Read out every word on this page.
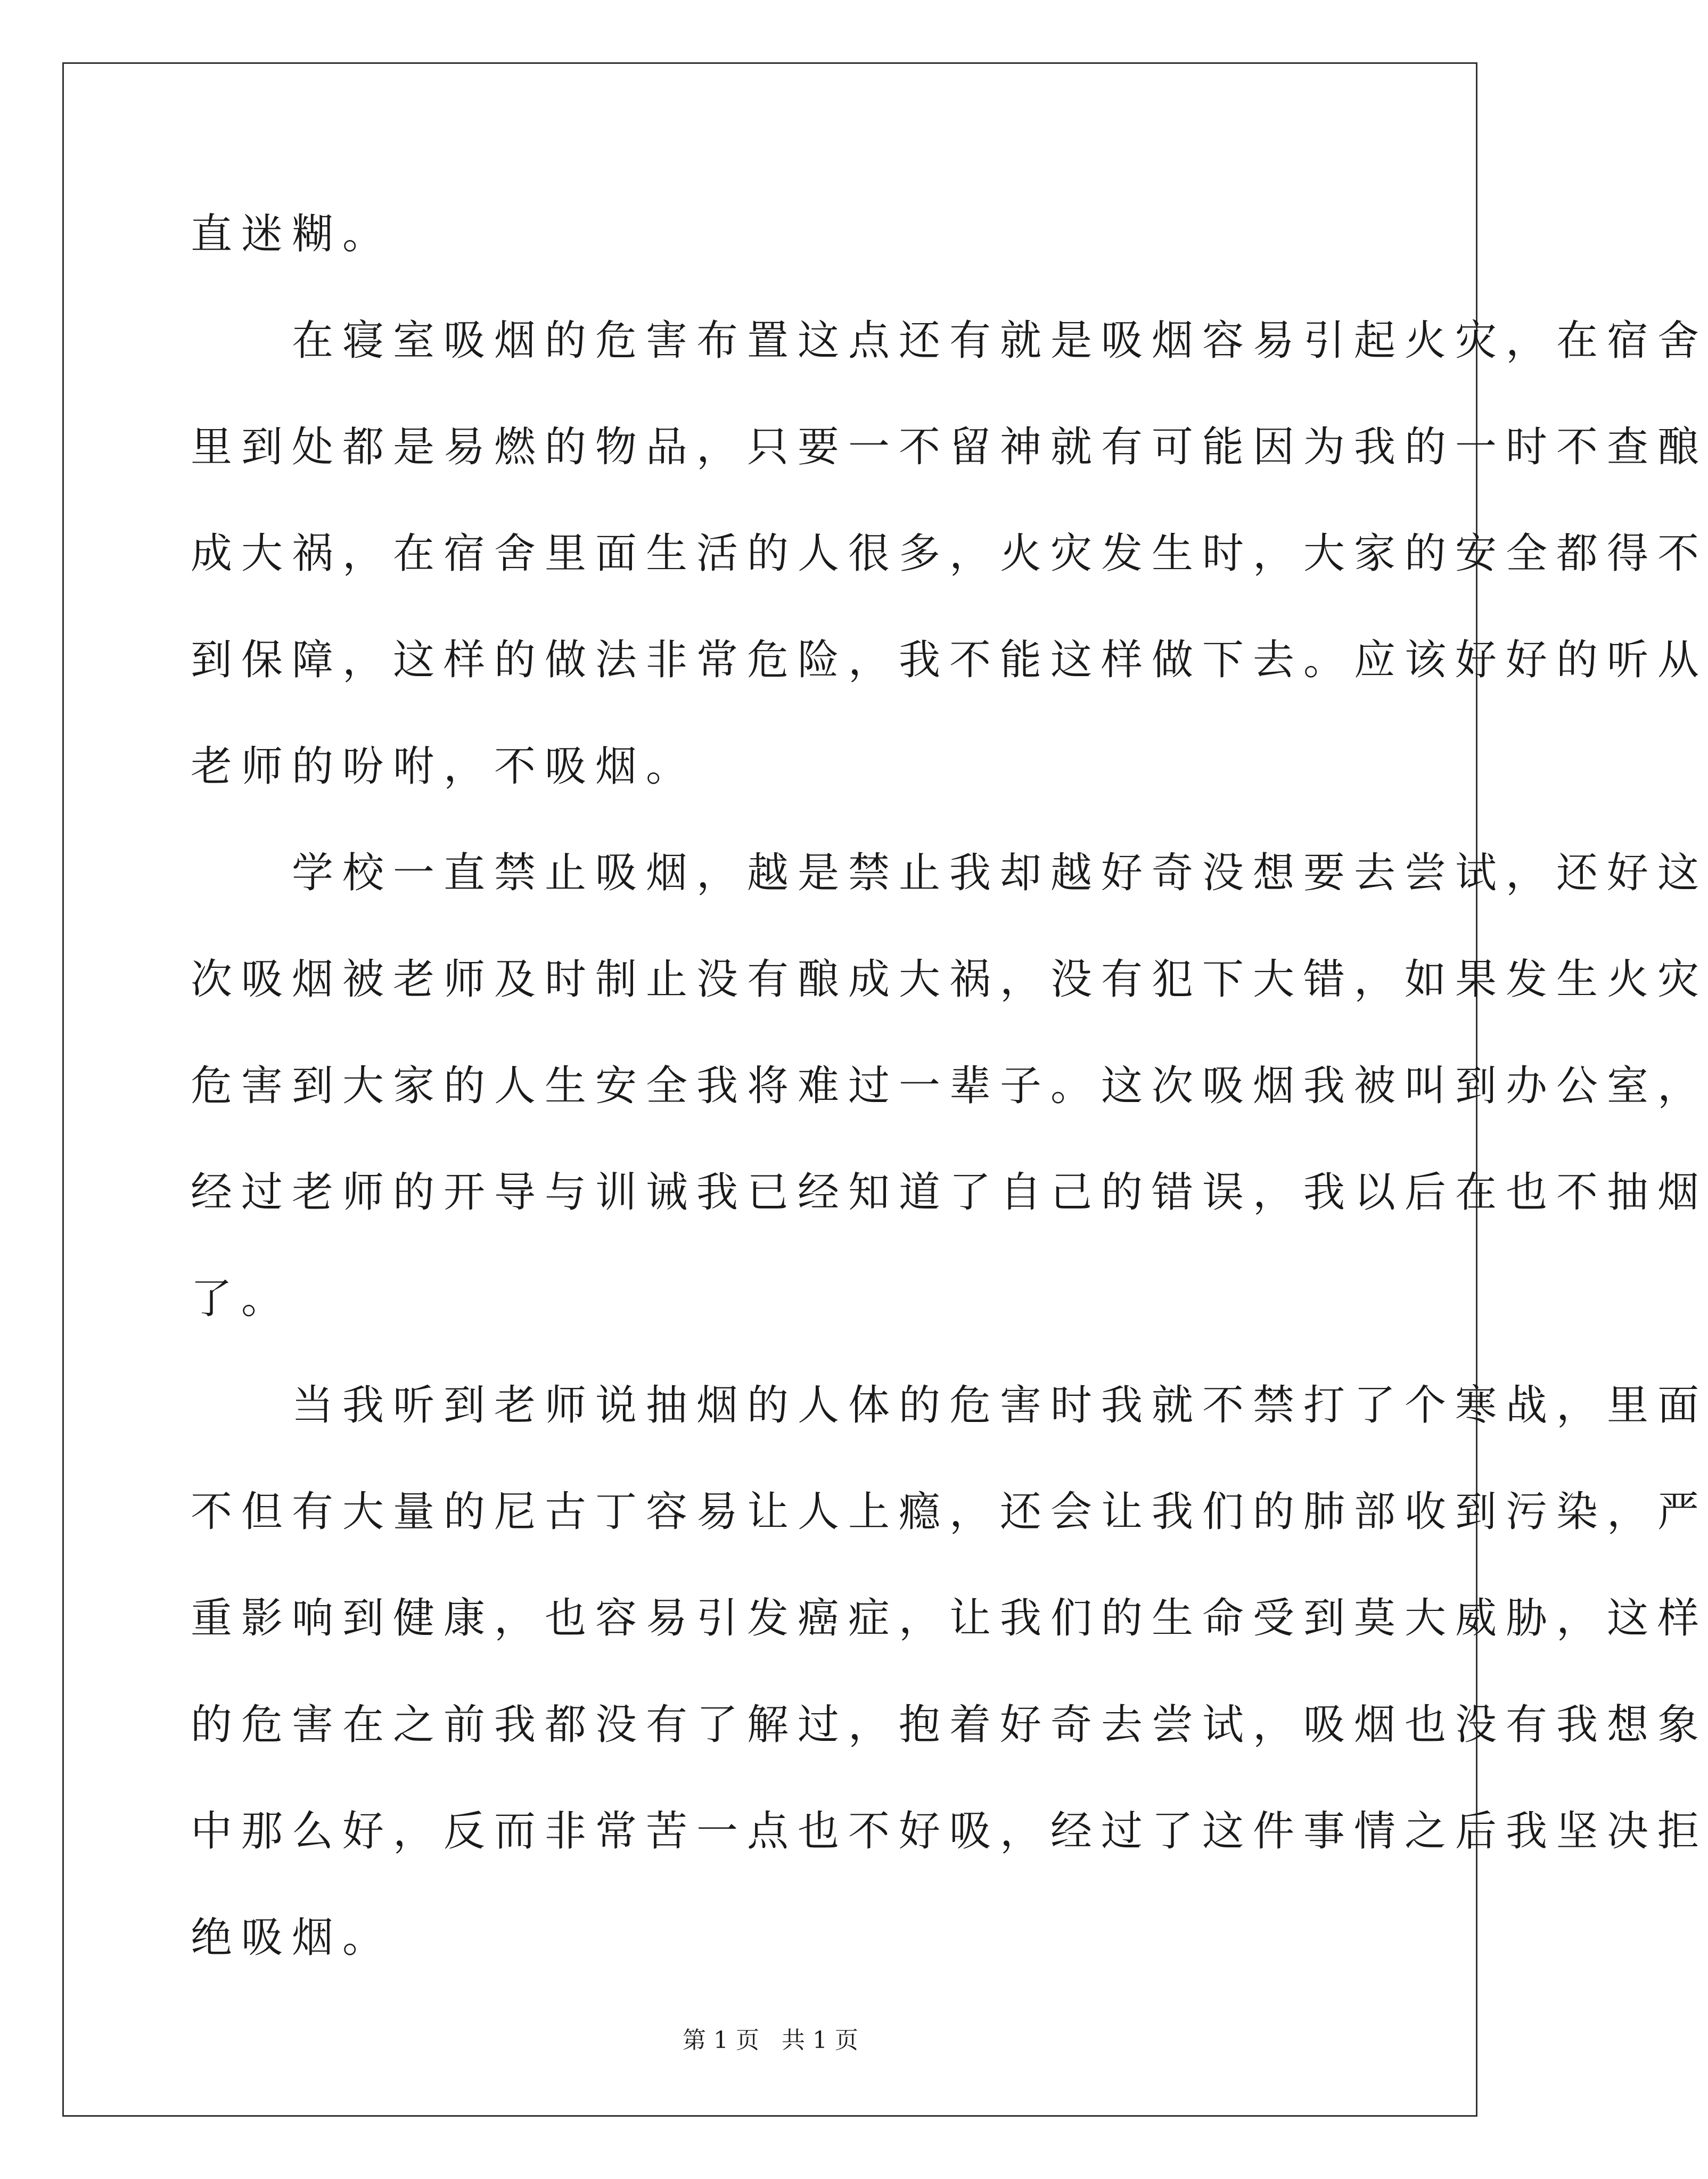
直迷糊。
　　在寝室吸烟的危害布置这点还有就是吸烟容易引起火灾，在宿舍
里到处都是易燃的物品，只要一不留神就有可能因为我的一时不查酿
成大祸，在宿舍里面生活的人很多，火灾发生时，大家的安全都得不
到保障，这样的做法非常危险，我不能这样做下去。应该好好的听从
老师的吩咐，不吸烟。
　　学校一直禁止吸烟，越是禁止我却越好奇没想要去尝试，还好这
次吸烟被老师及时制止没有酿成大祸，没有犯下大错，如果发生火灾
危害到大家的人生安全我将难过一辈子。这次吸烟我被叫到办公室，
经过老师的开导与训诫我已经知道了自己的错误，我以后在也不抽烟
了。
　　当我听到老师说抽烟的人体的危害时我就不禁打了个寒战，里面
不但有大量的尼古丁容易让人上瘾，还会让我们的肺部收到污染，严
重影响到健康，也容易引发癌症，让我们的生命受到莫大威胁，这样
的危害在之前我都没有了解过，抱着好奇去尝试，吸烟也没有我想象
中那么好，反而非常苦一点也不好吸，经过了这件事情之后我坚决拒
绝吸烟。
第 1 页   共 1 页
